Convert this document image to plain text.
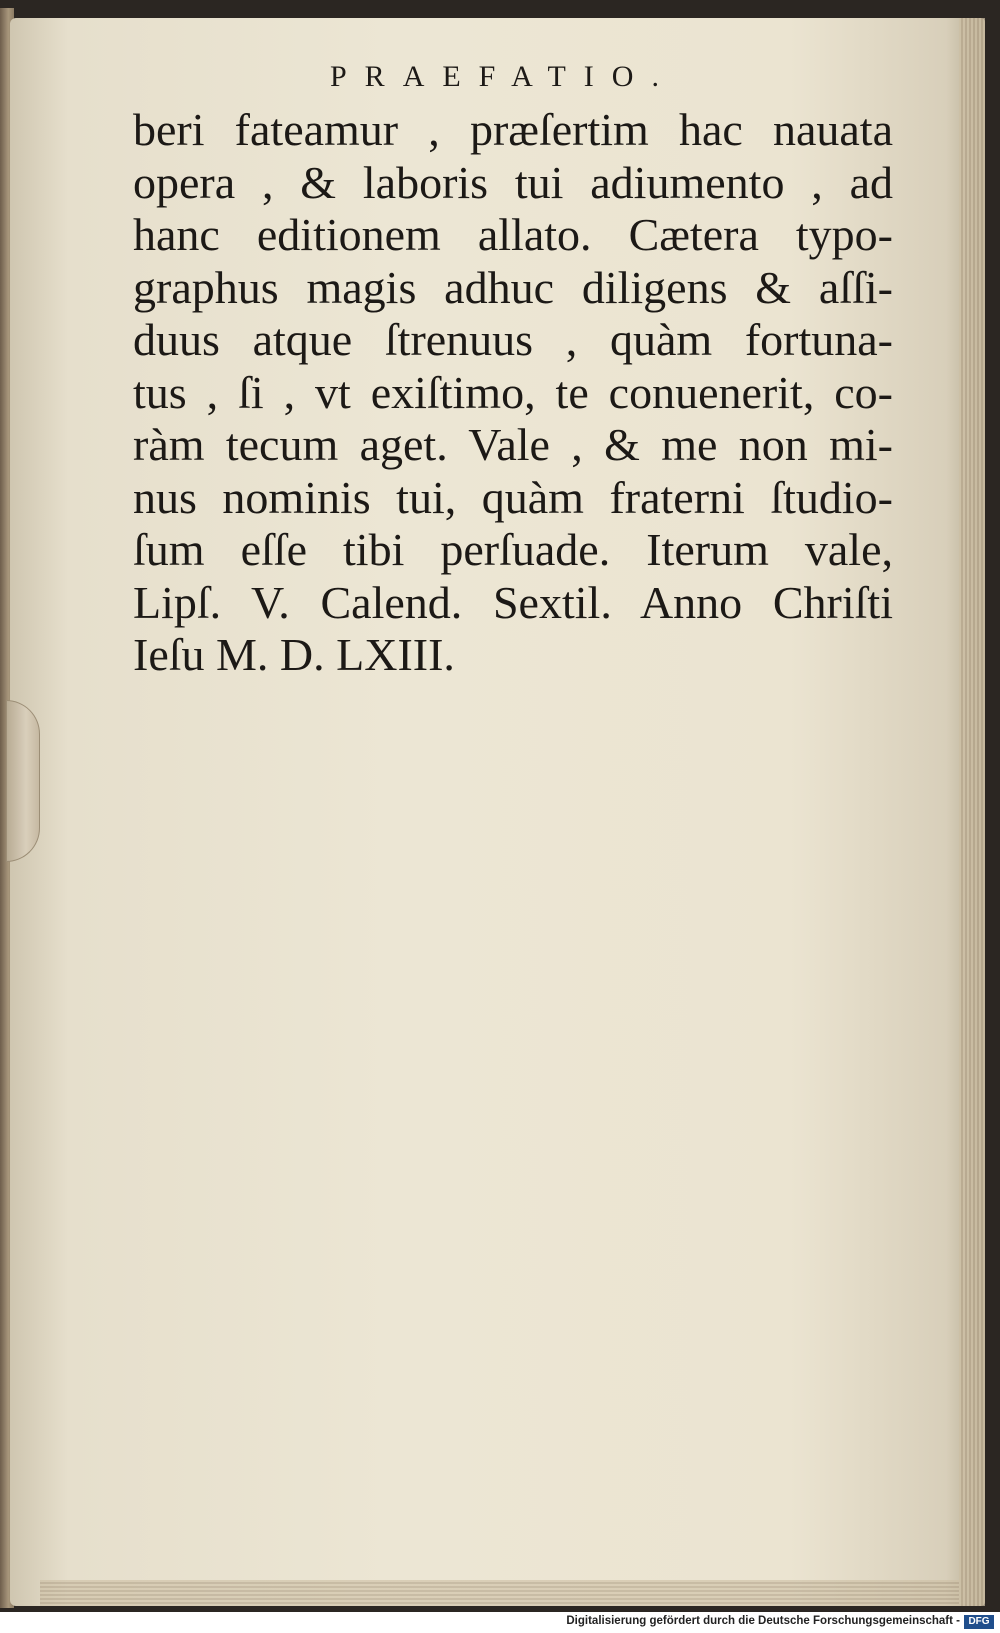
PRAEFATIO.
beri fateamur , præſertim hac nauata
opera , & laboris tui adiumento , ad
hanc editionem allato. Cætera typo-
graphus magis adhuc diligens & aſſi-
duus atque ſtrenuus , quàm fortuna-
tus , ſi , vt exiſtimo, te conuenerit, co-
ràm tecum aget. Vale , & me non mi-
nus nominis tui, quàm fraterni ſtudio-
ſum eſſe tibi perſuade. Iterum vale,
Lipſ. V. Calend. Sextil. Anno Chriſti
Ieſu M. D. LXIII.
Digitalisierung gefördert durch die Deutsche Forschungsgemeinschaft - DFG
